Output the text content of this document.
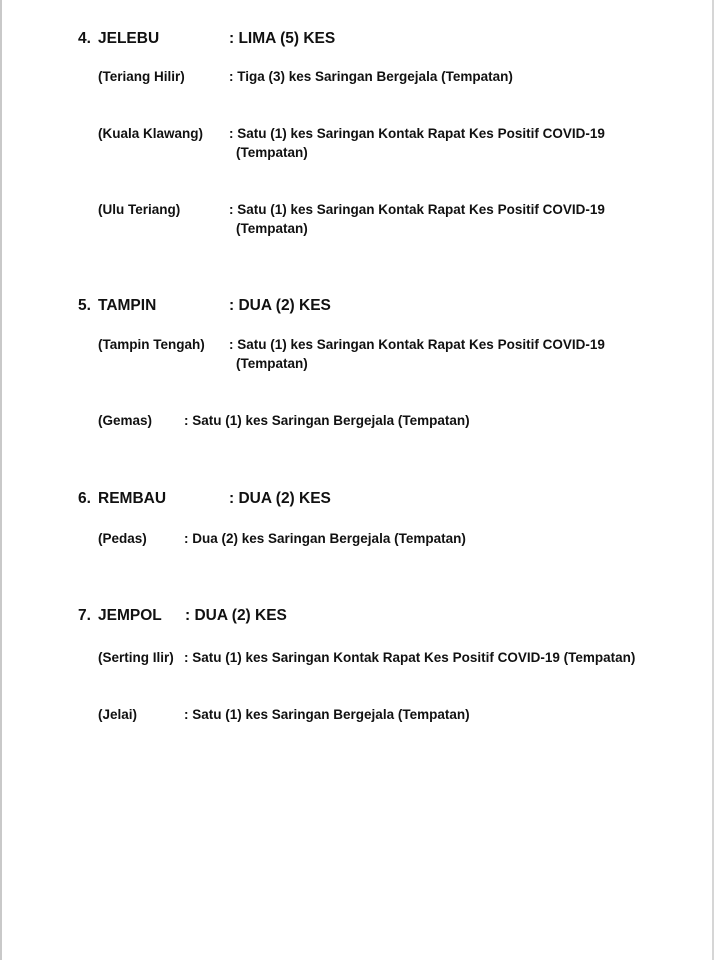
4. JELEBU	: LIMA (5) KES
(Teriang Hilir)	: Tiga (3) kes Saringan Bergejala (Tempatan)
(Kuala Klawang) : Satu (1) kes Saringan Kontak Rapat Kes Positif COVID-19
(Tempatan)
(Ulu Teriang)	: Satu (1) kes Saringan Kontak Rapat Kes Positif COVID-19
(Tempatan)
5. TAMPIN	: DUA (2) KES
(Tampin Tengah) : Satu (1) kes Saringan Kontak Rapat Kes Positif COVID-19
(Tempatan)
(Gemas) : Satu (1) kes Saringan Bergejala (Tempatan)
6. REMBAU	: DUA (2) KES
(Pedas)	: Dua (2) kes Saringan Bergejala (Tempatan)
7. JEMPOL : DUA (2) KES
(Serting Ilir) : Satu (1) kes Saringan Kontak Rapat Kes Positif COVID-19 (Tempatan)
(Jelai)	: Satu (1) kes Saringan Bergejala (Tempatan)
